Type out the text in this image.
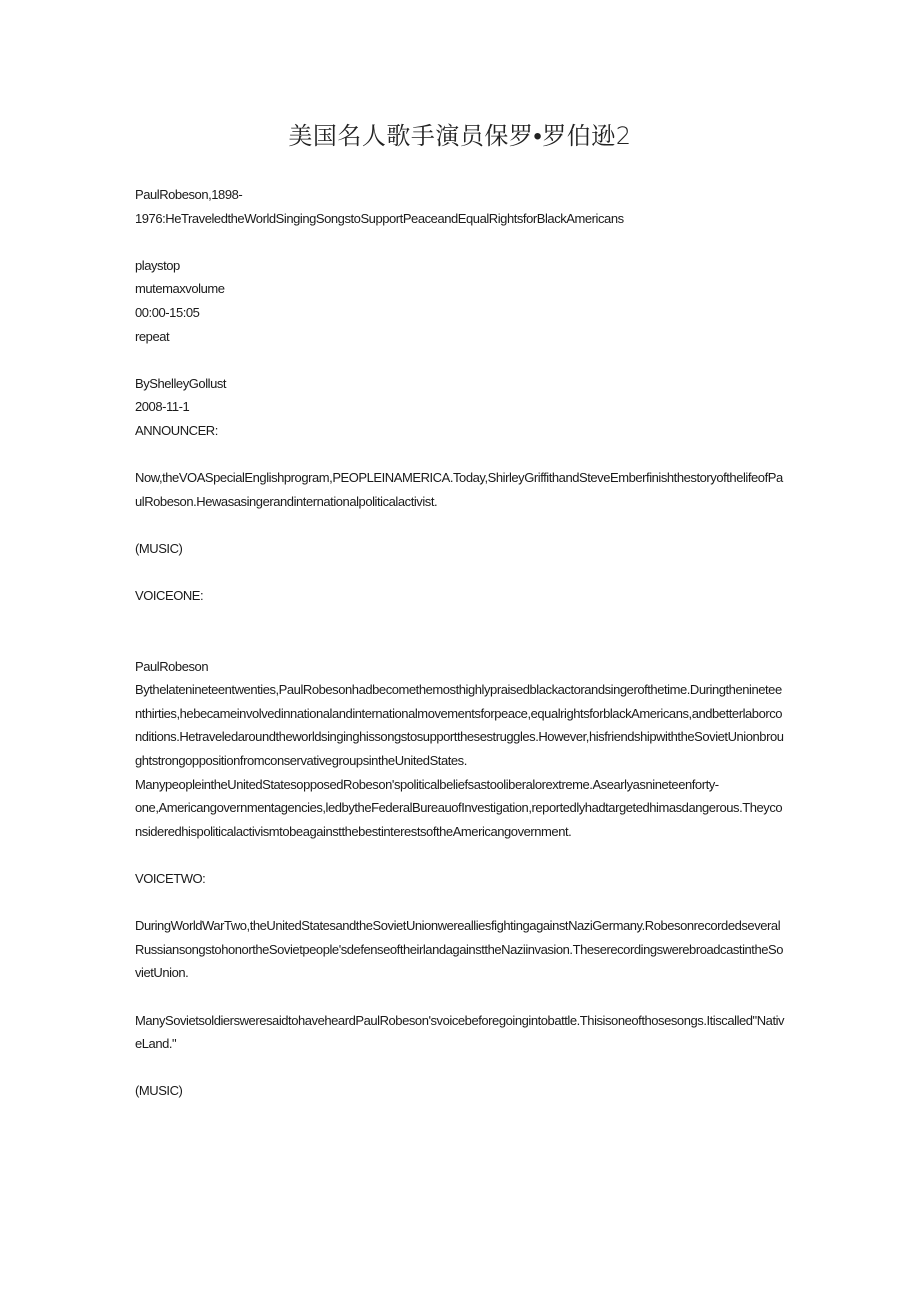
美国名人歌手演员保罗•罗伯逊2

PaulRobeson,1898-

1976:HeTraveledtheWorldSingingSongstoSupportPeaceandEqualRightsforBlackAmericans

playstop

mutemaxvolume

00:00-15:05

repeat

ByShelleyGollust

2008-11-1

ANNOUNCER:

Now,theVOASpecialEnglishprogram,PEOPLEINAMERICA.Today,ShirleyGriffithandSteveEmberfinishthestoryofthelifeofPaulRobeson.Hewasasingerandinternationalpoliticalactivist.

(MUSIC)

VOICEONE:

PaulRobeson

Bythelatenineteentwenties,PaulRobesonhadbecomethemosthighlypraisedblackactorandsingerofthetime.Duringthenineteenthirties,hebecameinvolvedinnationalandinternationalmovementsforpeace,equalrightsforblackAmericans,andbetterlaborconditions.Hetraveledaroundtheworldsinginghissongstosupportthesestruggles.However,hisfriendshipwiththeSovietUnionbroughtstrongoppositionfromconservativegroupsintheUnitedStates.

ManypeopleintheUnitedStatesopposedRobeson'spoliticalbeliefsastooliberalorextreme.Asearlyasnineteenforty-

one,Americangovernmentagencies,ledbytheFederalBureauofInvestigation,reportedlyhadtargetedhimasdangerous.TheyconsideredhispoliticalactivismtobeagainstthebestinterestsoftheAmericangovernment.

VOICETWO:

DuringWorldWarTwo,theUnitedStatesandtheSovietUnionwerealliesfightingagainstNaziGermany.RobesonrecordedseveralRussiansongstohonortheSovietpeople'sdefenseoftheirlandagainsttheNaziinvasion.TheserecordingswerebroadcastintheSovietUnion.

ManySovietsoldiersweresaidtohaveheardPaulRobeson'svoicebeforegoingintobattle.Thisisoneofthosesongs.Itiscalled"NativeLand."

(MUSIC)
